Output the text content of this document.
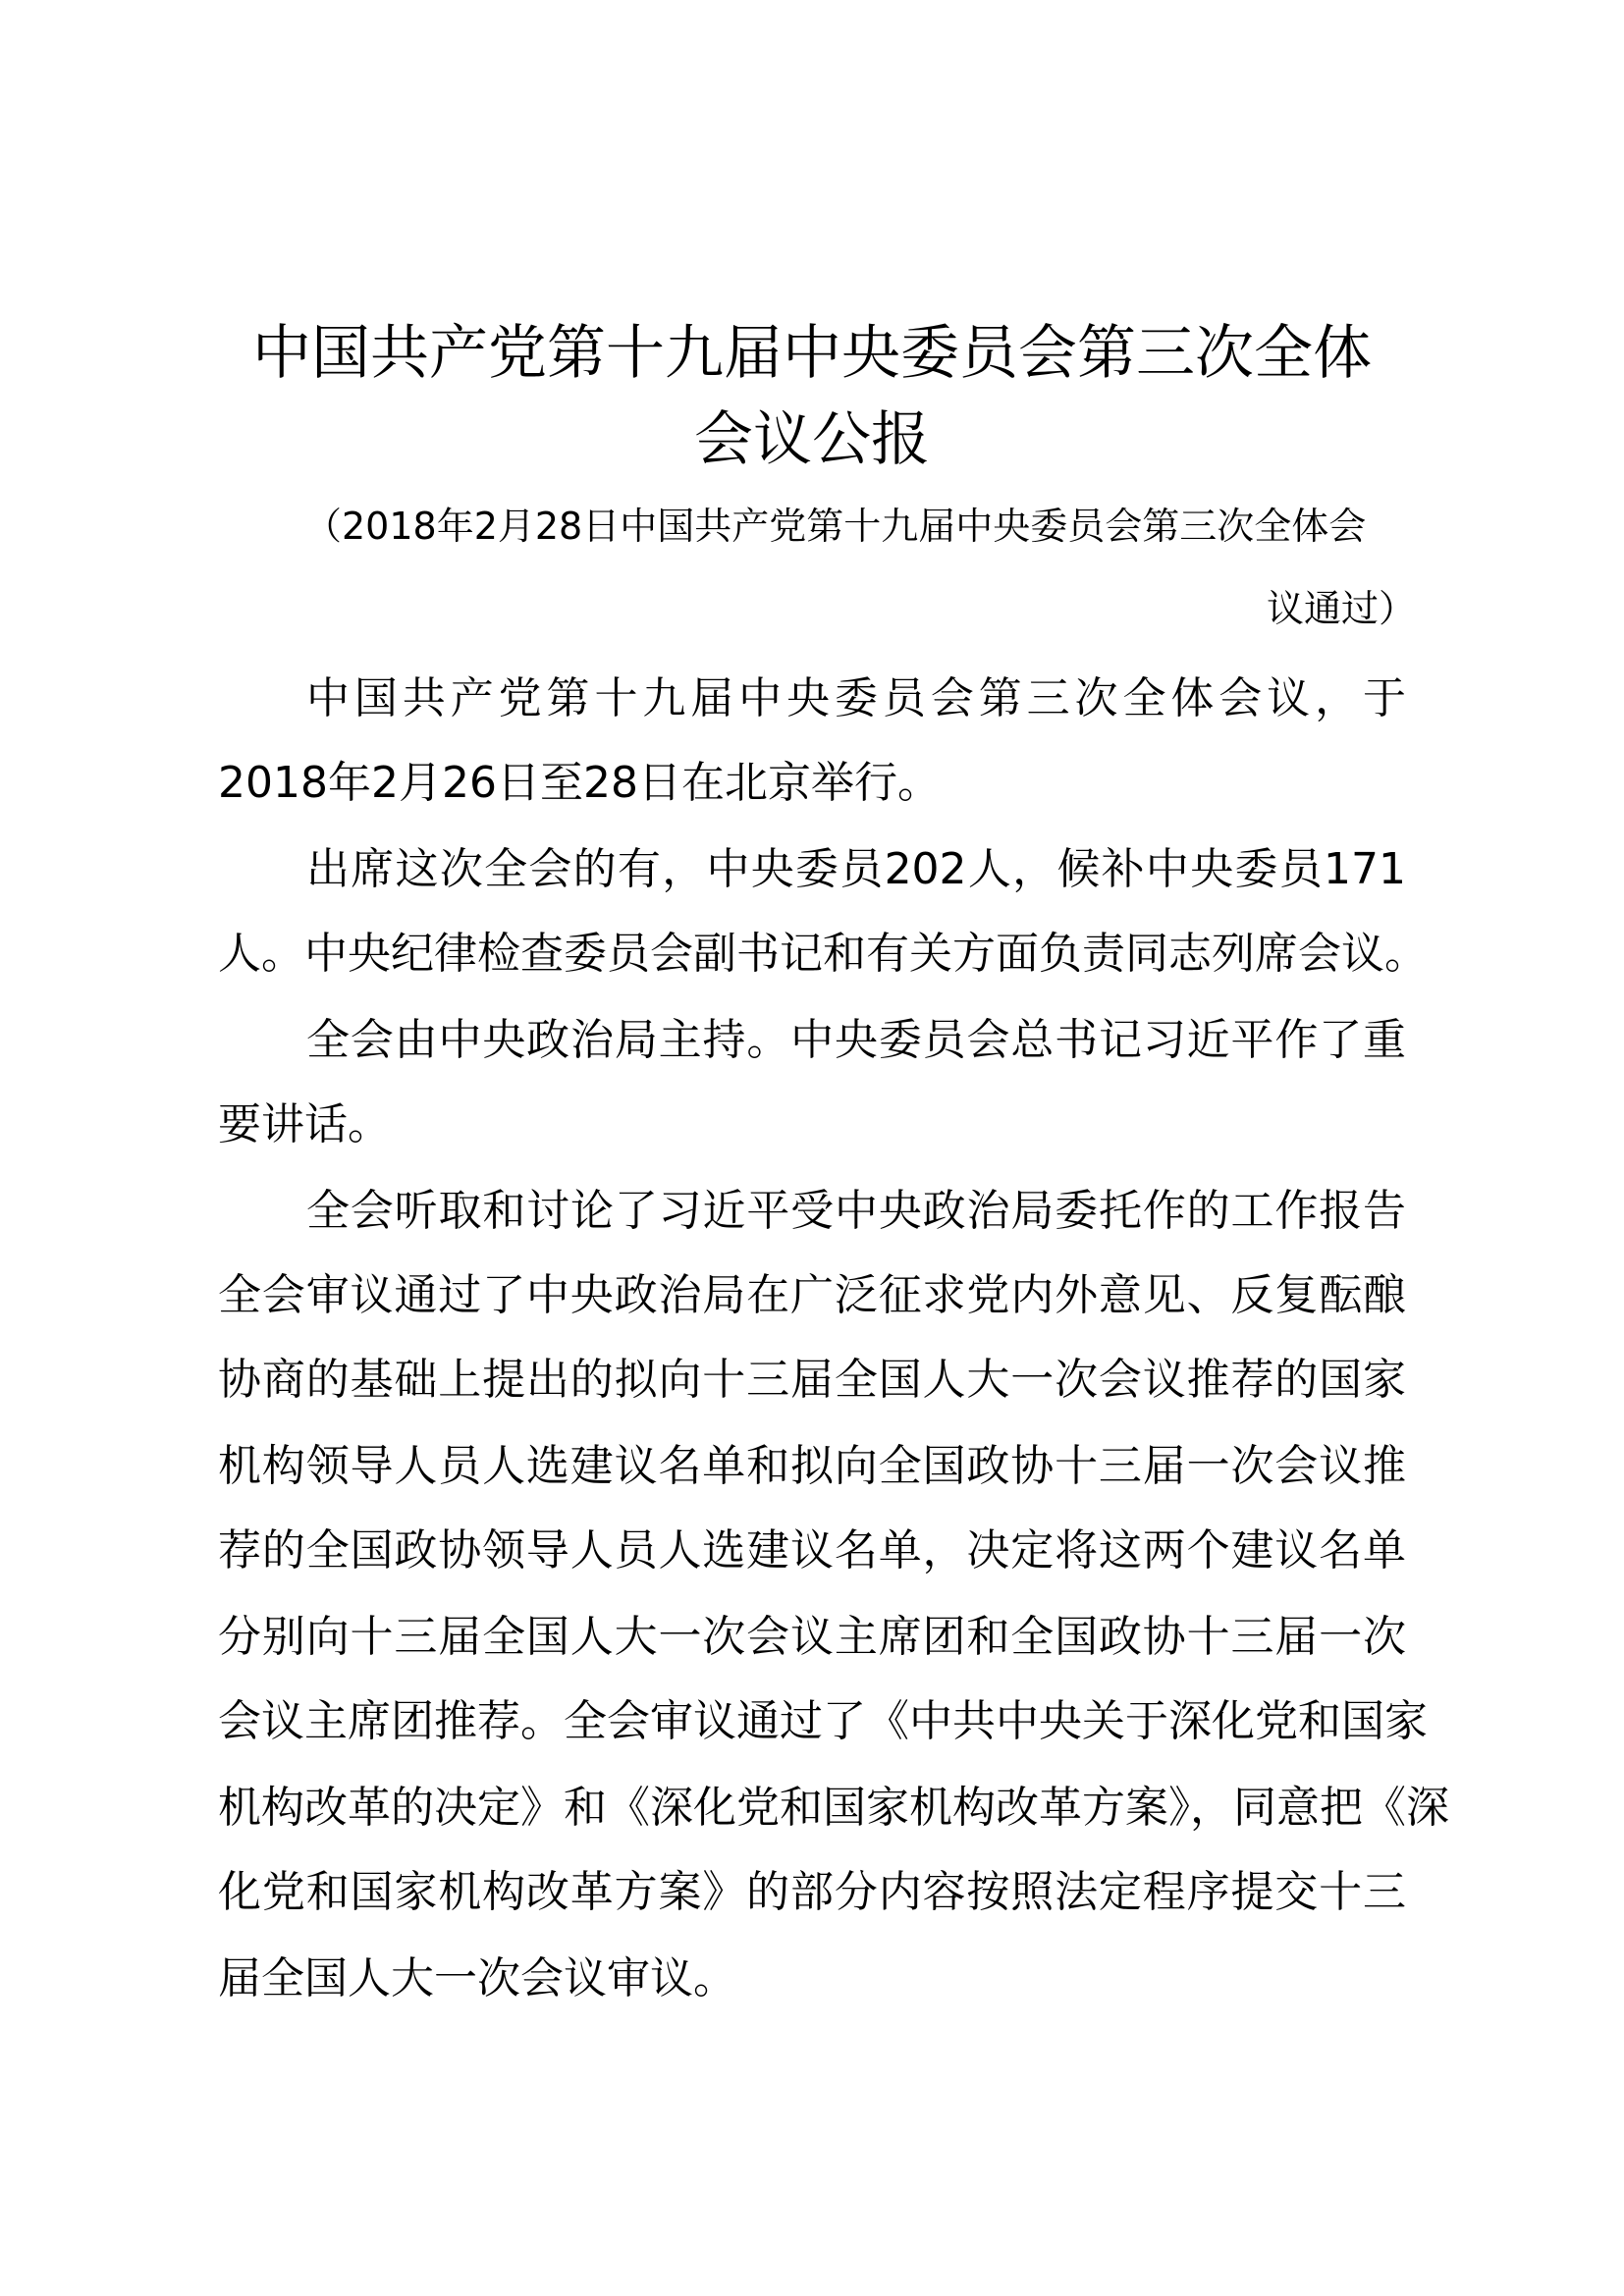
中国共产党第十九届中央委员会第三次全体
会议公报
（2018年2月28日中国共产党第十九届中央委员会第三次全体会
议通过）
中国共产党第十九届中央委员会第三次全体会议，于
2018年2月26日至28日在北京举行。
出席这次全会的有，中央委员202人，候补中央委员171
人。中央纪律检查委员会副书记和有关方面负责同志列席会议。
全会由中央政治局主持。中央委员会总书记习近平作了重
要讲话。
全会听取和讨论了习近平受中央政治局委托作的工作报告
全会审议通过了中央政治局在广泛征求党内外意见、反复酝酿
协商的基础上提出的拟向十三届全国人大一次会议推荐的国家
机构领导人员人选建议名单和拟向全国政协十三届一次会议推
荐的全国政协领导人员人选建议名单，决定将这两个建议名单
分别向十三届全国人大一次会议主席团和全国政协十三届一次
会议主席团推荐。全会审议通过了《中共中央关于深化党和国家
机构改革的决定》和《深化党和国家机构改革方案》，同意把《深
化党和国家机构改革方案》的部分内容按照法定程序提交十三
届全国人大一次会议审议。
